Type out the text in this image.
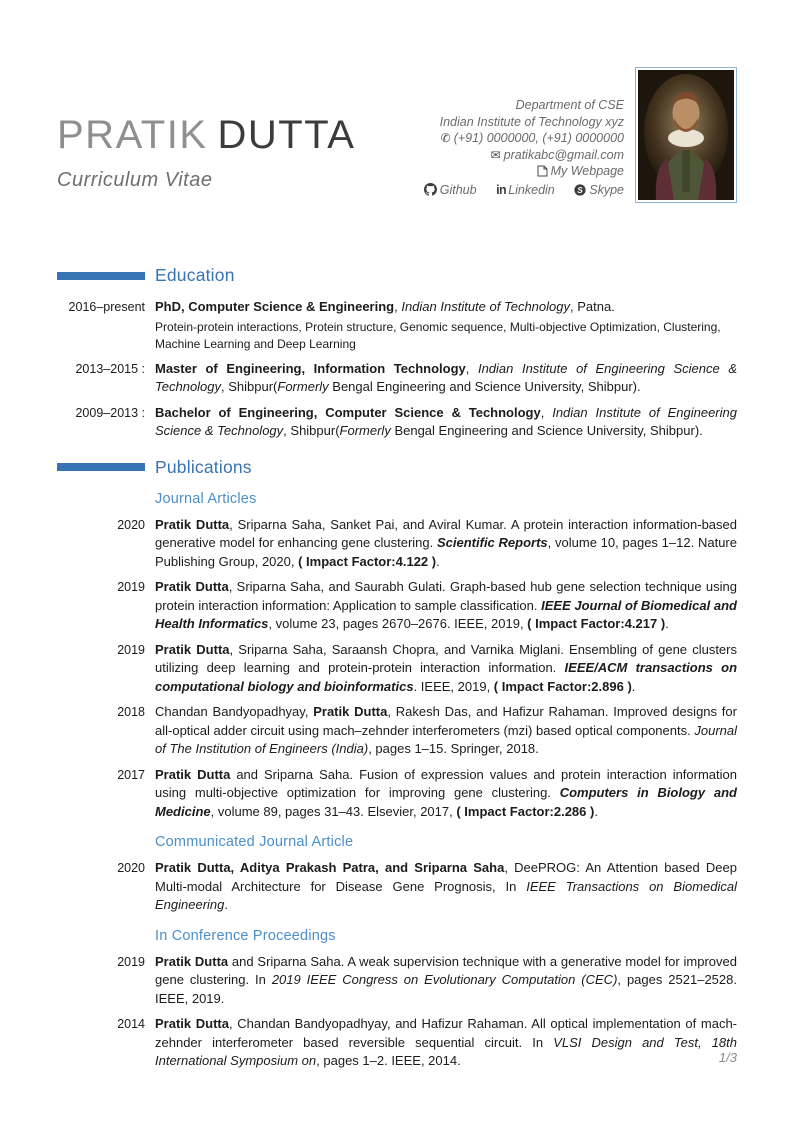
PRATIK DUTTA
Curriculum Vitae
Department of CSE
Indian Institute of Technology xyz
✆ (+91) 0000000, (+91) 0000000
✉ pratikabc@gmail.com
My Webpage
Github in Linkedin S Skype
Education
2016–present PhD, Computer Science & Engineering, Indian Institute of Technology, Patna.
Protein-protein interactions, Protein structure, Genomic sequence, Multi-objective Optimization, Clustering, Machine Learning and Deep Learning
2013–2015 : Master of Engineering, Information Technology, Indian Institute of Engineering Science & Technology, Shibpur(Formerly Bengal Engineering and Science University, Shibpur).
2009–2013 : Bachelor of Engineering, Computer Science & Technology, Indian Institute of Engineering Science & Technology, Shibpur(Formerly Bengal Engineering and Science University, Shibpur).
Publications
Journal Articles
2020 Pratik Dutta, Sriparna Saha, Sanket Pai, and Aviral Kumar. A protein interaction information-based generative model for enhancing gene clustering. Scientific Reports, volume 10, pages 1–12. Nature Publishing Group, 2020, ( Impact Factor:4.122 ).
2019 Pratik Dutta, Sriparna Saha, and Saurabh Gulati. Graph-based hub gene selection technique using protein interaction information: Application to sample classification. IEEE Journal of Biomedical and Health Informatics, volume 23, pages 2670–2676. IEEE, 2019, ( Impact Factor:4.217 ).
2019 Pratik Dutta, Sriparna Saha, Saraansh Chopra, and Varnika Miglani. Ensembling of gene clusters utilizing deep learning and protein-protein interaction information. IEEE/ACM transactions on computational biology and bioinformatics. IEEE, 2019, ( Impact Factor:2.896 ).
2018 Chandan Bandyopadhyay, Pratik Dutta, Rakesh Das, and Hafizur Rahaman. Improved designs for all-optical adder circuit using mach–zehnder interferometers (mzi) based optical components. Journal of The Institution of Engineers (India), pages 1–15. Springer, 2018.
2017 Pratik Dutta and Sriparna Saha. Fusion of expression values and protein interaction information using multi-objective optimization for improving gene clustering. Computers in Biology and Medicine, volume 89, pages 31–43. Elsevier, 2017, ( Impact Factor:2.286 ).
Communicated Journal Article
2020 Pratik Dutta, Aditya Prakash Patra, and Sriparna Saha, DeePROG: An Attention based Deep Multi-modal Architecture for Disease Gene Prognosis, In IEEE Transactions on Biomedical Engineering.
In Conference Proceedings
2019 Pratik Dutta and Sriparna Saha. A weak supervision technique with a generative model for improved gene clustering. In 2019 IEEE Congress on Evolutionary Computation (CEC), pages 2521–2528. IEEE, 2019.
2014 Pratik Dutta, Chandan Bandyopadhyay, and Hafizur Rahaman. All optical implementation of mach-zehnder interferometer based reversible sequential circuit. In VLSI Design and Test, 18th International Symposium on, pages 1–2. IEEE, 2014.	1/3
